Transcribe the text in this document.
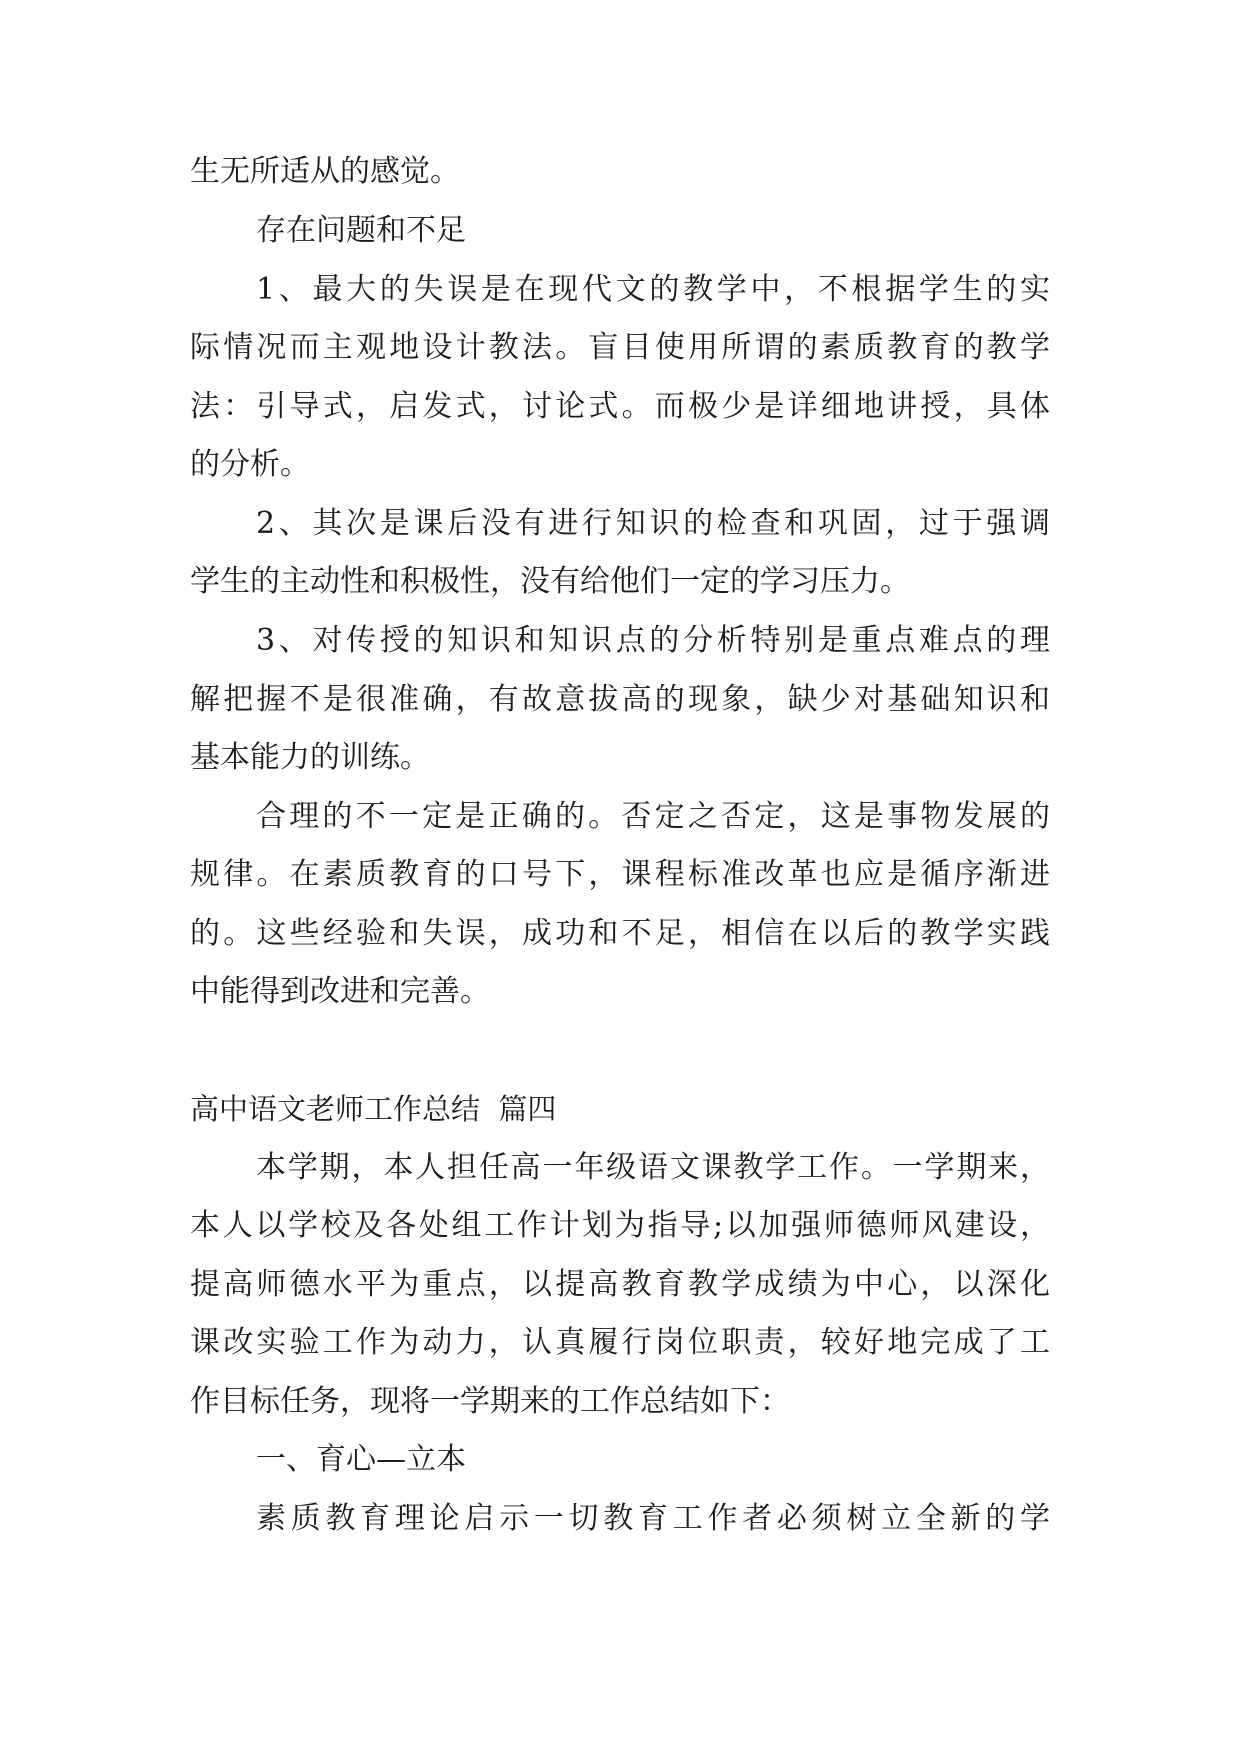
生无所适从的感觉。
存在问题和不足
1、最大的失误是在现代文的教学中，不根据学生的实
际情况而主观地设计教法。盲目使用所谓的素质教育的教学
法：引导式，启发式，讨论式。而极少是详细地讲授，具体
的分析。
2、其次是课后没有进行知识的检查和巩固，过于强调
学生的主动性和积极性，没有给他们一定的学习压力。
3、对传授的知识和知识点的分析特别是重点难点的理
解把握不是很准确，有故意拔高的现象，缺少对基础知识和
基本能力的训练。
合理的不一定是正确的。否定之否定，这是事物发展的
规律。在素质教育的口号下，课程标准改革也应是循序渐进
的。这些经验和失误，成功和不足，相信在以后的教学实践
中能得到改进和完善。
高中语文老师工作总结  篇四
本学期，本人担任高一年级语文课教学工作。一学期来，
本人以学校及各处组工作计划为指导;以加强师德师风建设，
提高师德水平为重点，以提高教育教学成绩为中心，以深化
课改实验工作为动力，认真履行岗位职责，较好地完成了工
作目标任务，现将一学期来的工作总结如下：
一、育心—立本
素质教育理论启示一切教育工作者必须树立全新的学
